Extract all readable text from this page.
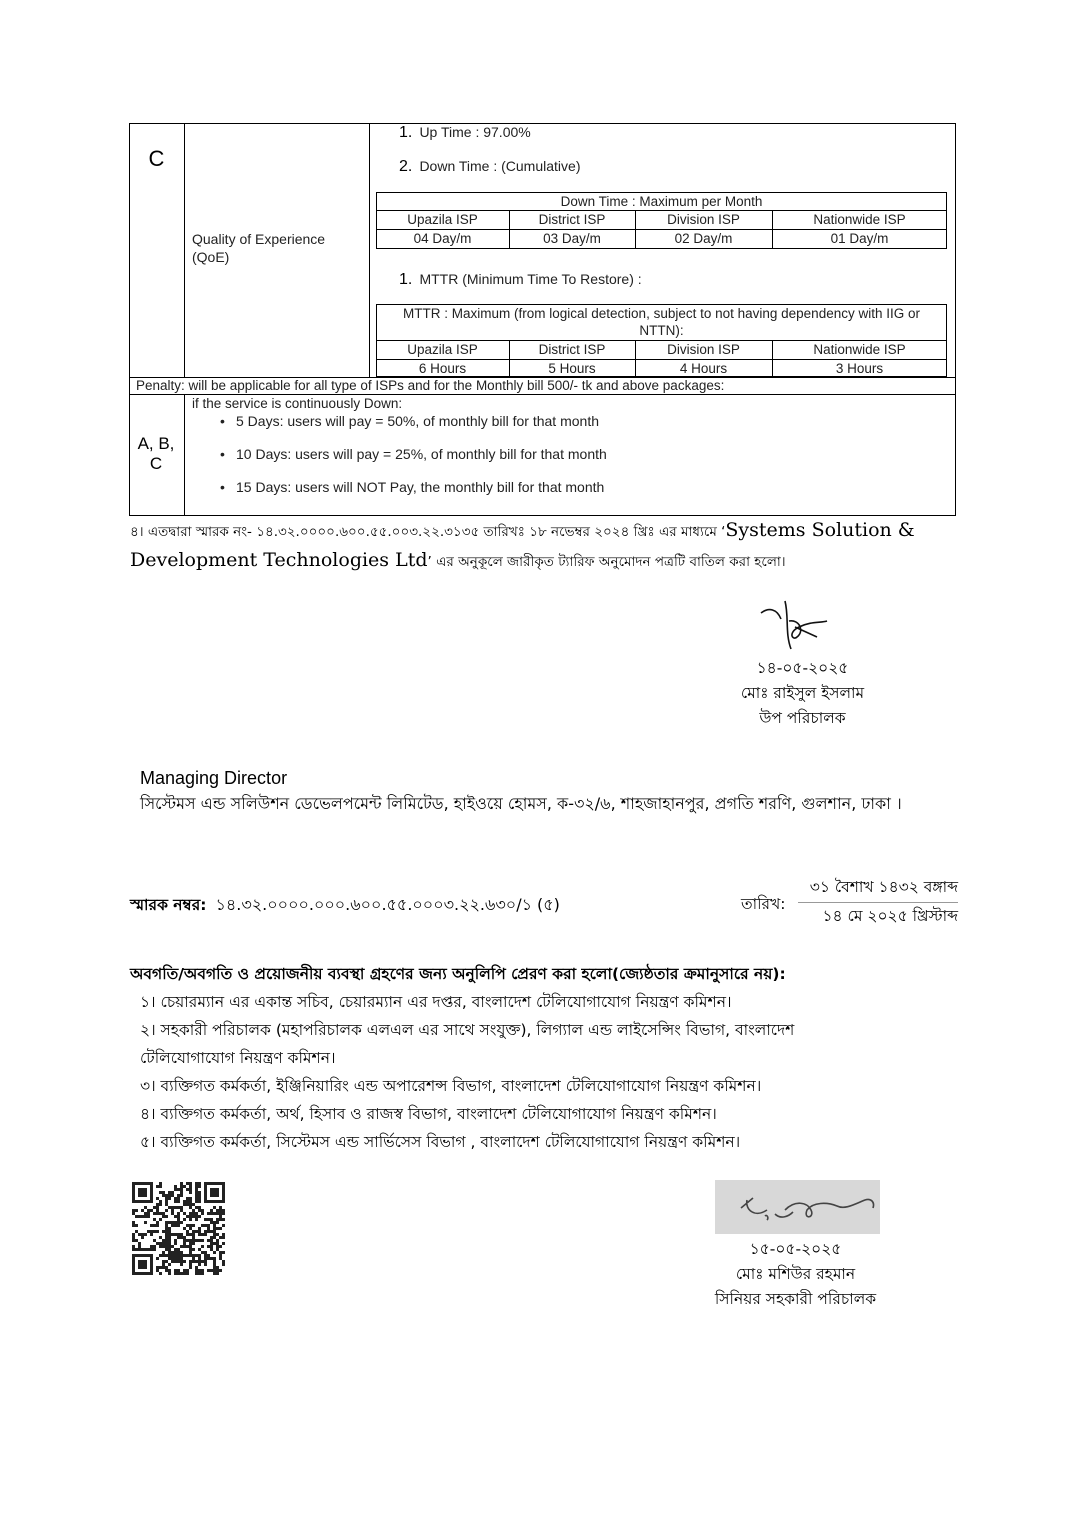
C
Quality of Experience (QoE)
1. Up Time : 97.00%
2. Down Time : (Cumulative)
Down Time : Maximum per Month
Upazila ISP	District ISP	Division ISP	Nationwide ISP
04 Day/m	03 Day/m	02 Day/m	01 Day/m
1. MTTR (Minimum Time To Restore) :
MTTR : Maximum (from logical detection, subject to not having dependency with IIG or NTTN):
Upazila ISP	District ISP	Division ISP	Nationwide ISP
6 Hours	5 Hours	4 Hours	3 Hours
Penalty: will be applicable for all type of ISPs and for the Monthly bill 500/- tk and above packages:
A, B, C
if the service is continuously Down:
• 5 Days: users will pay = 50%, of monthly bill for that month
• 10 Days: users will pay = 25%, of monthly bill for that month
• 15 Days: users will NOT Pay, the monthly bill for that month
৪। এতদ্বারা স্মারক নং- ১৪.৩২.০০০০.৬০০.৫৫.০০৩.২২.৩১৩৫ তারিখঃ ১৮ নভেম্বর ২০২৪ খ্রিঃ এর মাধ্যমে ‘Systems Solution &
Development Technologies Ltd’ এর অনুকূলে জারীকৃত ট্যারিফ অনুমোদন পত্রটি বাতিল করা হলো।
১৪-০৫-২০২৫
মোঃ রাইসুল ইসলাম
উপ পরিচালক
Managing Director
সিস্টেমস এন্ড সলিউশন ডেভেলপমেন্ট লিমিটেড, হাইওয়ে হোমস, ক-৩২/৬, শাহজাহানপুর, প্রগতি শরণি, গুলশান, ঢাকা ।
স্মারক নম্বর: ১৪.৩২.০০০০.০০০.৬০০.৫৫.০০০৩.২২.৬৩০/১ (৫)	তারিখ:
৩১ বৈশাখ ১৪৩২ বঙ্গাব্দ
১৪ মে ২০২৫ খ্রিস্টাব্দ
অবগতি/অবগতি ও প্রয়োজনীয় ব্যবস্থা গ্রহণের জন্য অনুলিপি প্রেরণ করা হলো(জ্যেষ্ঠতার ক্রমানুসারে নয়):
১। চেয়ারম্যান এর একান্ত সচিব, চেয়ারম্যান এর দপ্তর, বাংলাদেশ টেলিযোগাযোগ নিয়ন্ত্রণ কমিশন।
২। সহকারী পরিচালক (মহাপরিচালক এলএল এর সাথে সংযুক্ত), লিগ্যাল এন্ড লাইসেন্সিং বিভাগ, বাংলাদেশ
টেলিযোগাযোগ নিয়ন্ত্রণ কমিশন।
৩। ব্যক্তিগত কর্মকর্তা, ইঞ্জিনিয়ারিং এন্ড অপারেশন্স বিভাগ, বাংলাদেশ টেলিযোগাযোগ নিয়ন্ত্রণ কমিশন।
৪। ব্যক্তিগত কর্মকর্তা, অর্থ, হিসাব ও রাজস্ব বিভাগ, বাংলাদেশ টেলিযোগাযোগ নিয়ন্ত্রণ কমিশন।
৫। ব্যক্তিগত কর্মকর্তা, সিস্টেমস এন্ড সার্ভিসেস বিভাগ , বাংলাদেশ টেলিযোগাযোগ নিয়ন্ত্রণ কমিশন।
১৫-০৫-২০২৫
মোঃ মশিউর রহমান
সিনিয়র সহকারী পরিচালক
